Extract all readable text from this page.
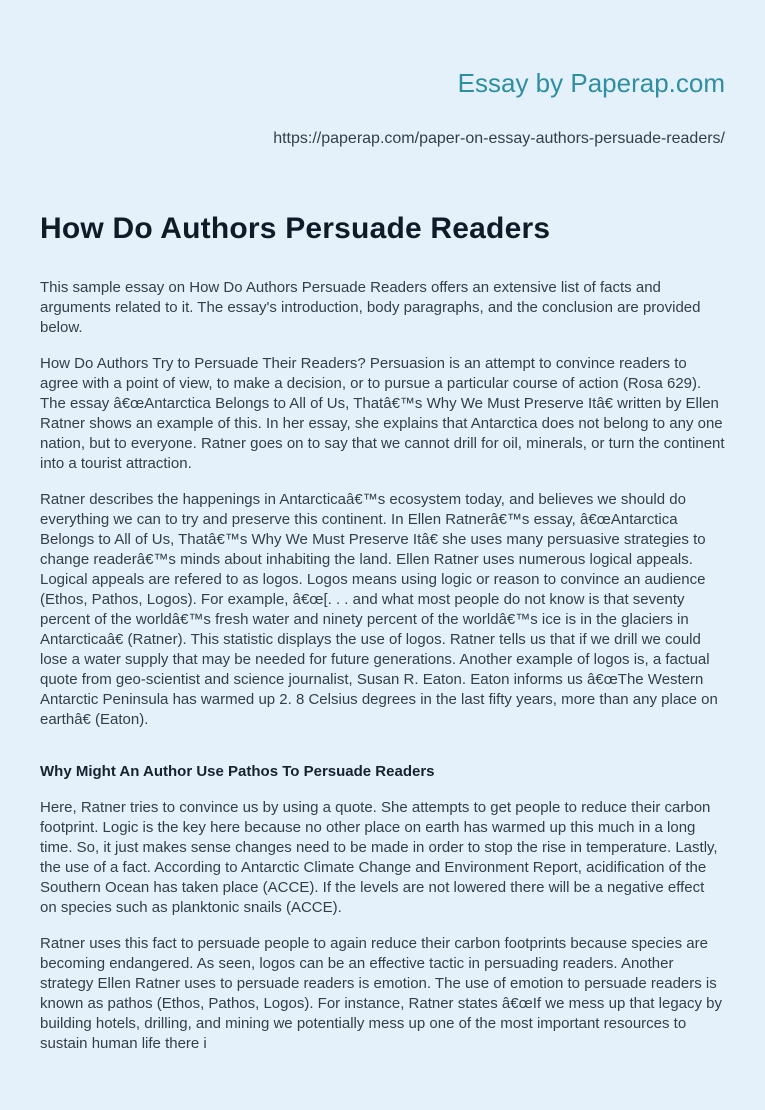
Essay by Paperap.com
https://paperap.com/paper-on-essay-authors-persuade-readers/
How Do Authors Persuade Readers

This sample essay on How Do Authors Persuade Readers offers an extensive list of facts and arguments related to it. The essay's introduction, body paragraphs, and the conclusion are provided below.

How Do Authors Try to Persuade Their Readers? Persuasion is an attempt to convince readers to agree with a point of view, to make a decision, or to pursue a particular course of action (Rosa 629). The essay â€œAntarctica Belongs to All of Us, Thatâ€™s Why We Must Preserve Itâ€ written by Ellen Ratner shows an example of this. In her essay, she explains that Antarctica does not belong to any one nation, but to everyone. Ratner goes on to say that we cannot drill for oil, minerals, or turn the continent into a tourist attraction.

Ratner describes the happenings in Antarcticaâ€™s ecosystem today, and believes we should do everything we can to try and preserve this continent. In Ellen Ratnerâ€™s essay, â€œAntarctica Belongs to All of Us, Thatâ€™s Why We Must Preserve Itâ€ she uses many persuasive strategies to change readerâ€™s minds about inhabiting the land. Ellen Ratner uses numerous logical appeals. Logical appeals are refered to as logos. Logos means using logic or reason to convince an audience (Ethos, Pathos, Logos). For example, â€œ[. . . and what most people do not know is that seventy percent of the worldâ€™s fresh water and ninety percent of the worldâ€™s ice is in the glaciers in Antarcticaâ€ (Ratner). This statistic displays the use of logos. Ratner tells us that if we drill we could lose a water supply that may be needed for future generations. Another example of logos is, a factual quote from geo-scientist and science journalist, Susan R. Eaton. Eaton informs us â€œThe Western Antarctic Peninsula has warmed up 2. 8 Celsius degrees in the last fifty years, more than any place on earthâ€ (Eaton).

Why Might An Author Use Pathos To Persuade Readers

Here, Ratner tries to convince us by using a quote. She attempts to get people to reduce their carbon footprint. Logic is the key here because no other place on earth has warmed up this much in a long time. So, it just makes sense changes need to be made in order to stop the rise in temperature. Lastly, the use of a fact. According to Antarctic Climate Change and Environment Report, acidification of the Southern Ocean has taken place (ACCE). If the levels are not lowered there will be a negative effect on species such as planktonic snails (ACCE).

Ratner uses this fact to persuade people to again reduce their carbon footprints because species are becoming endangered. As seen, logos can be an effective tactic in persuading readers. Another strategy Ellen Ratner uses to persuade readers is emotion. The use of emotion to persuade readers is known as pathos (Ethos, Pathos, Logos). For instance, Ratner states â€œIf we mess up that legacy by building hotels, drilling, and mining we potentially mess up one of the most important resources to sustain human life there i
